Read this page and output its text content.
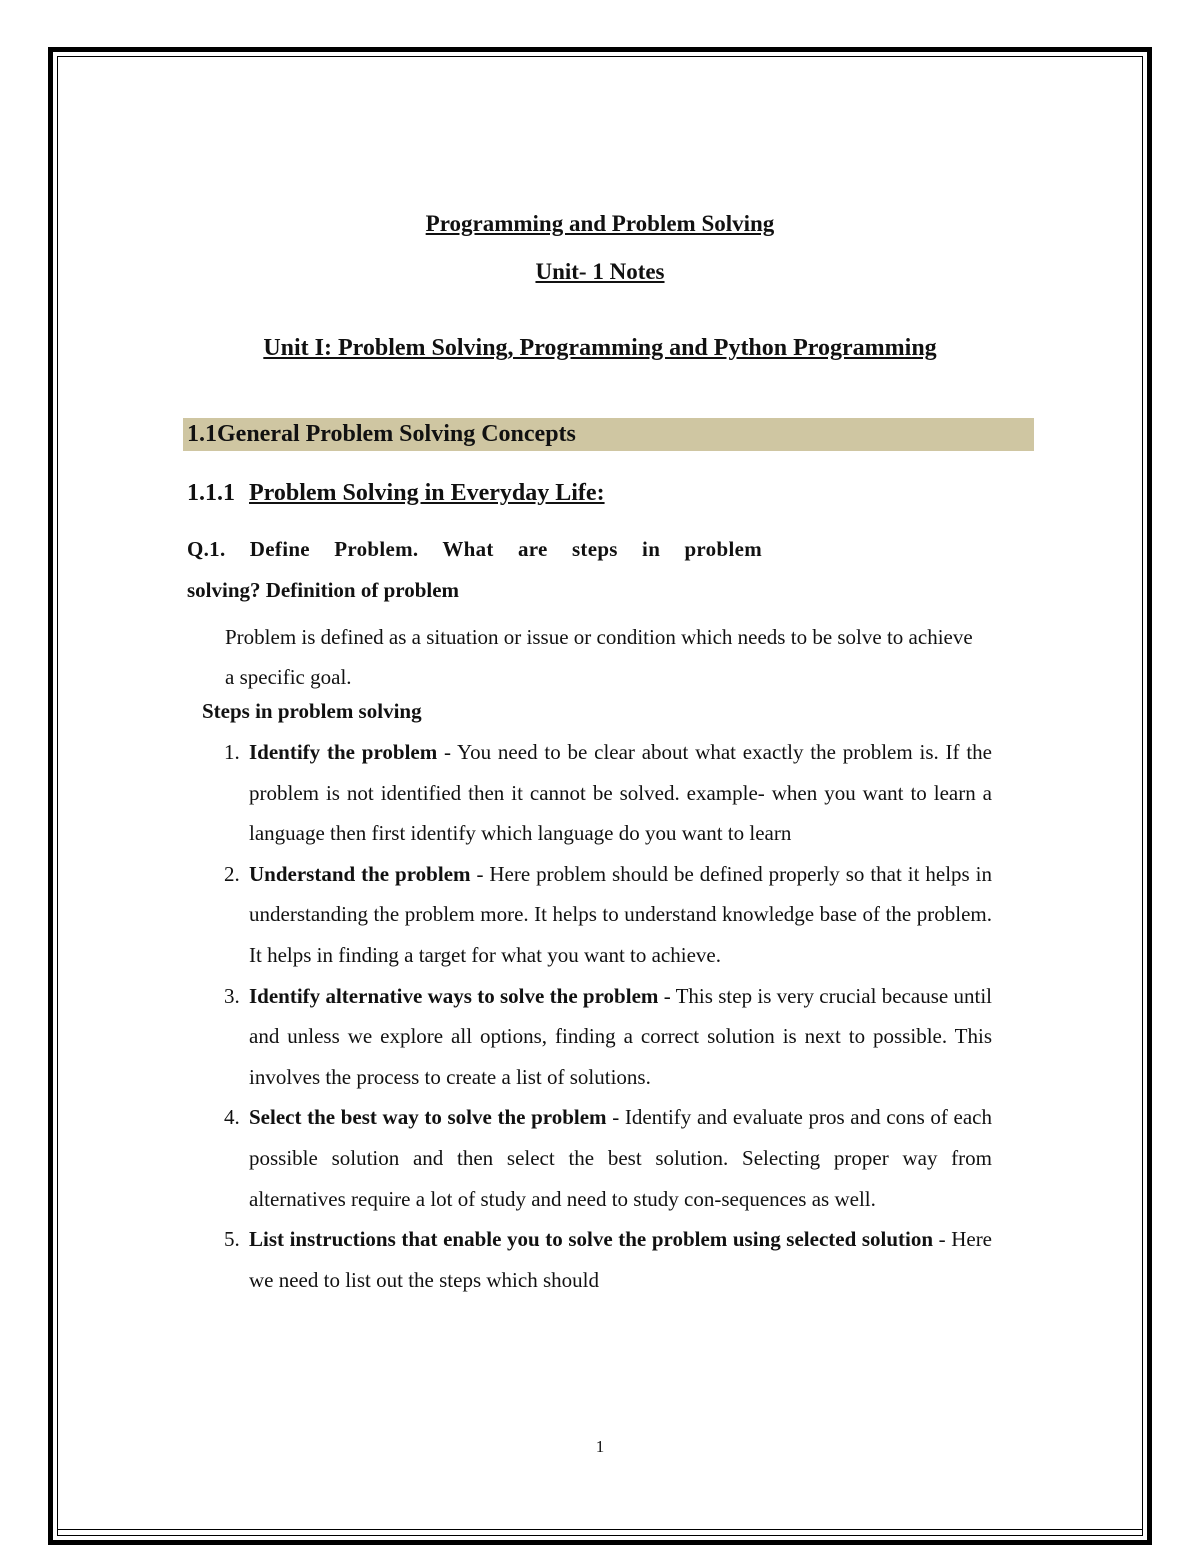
Programming and Problem Solving
Unit- 1 Notes
Unit I: Problem Solving, Programming and Python Programming
1.1General Problem Solving Concepts
1.1.1 Problem Solving in Everyday Life:
Q.1. Define Problem. What are steps in problem
solving? Definition of problem
Problem is defined as a situation or issue or condition which needs to be solve to achieve a specific goal.
Steps in problem solving
1. Identify the problem - You need to be clear about what exactly the problem is. If the problem is not identified then it cannot be solved. example- when you want to learn a language then first identify which language do you want to learn
2. Understand the problem - Here problem should be defined properly so that it helps in understanding the problem more. It helps to understand knowledge base of the problem. It helps in finding a target for what you want to achieve.
3. Identify alternative ways to solve the problem - This step is very crucial because until and unless we explore all options, finding a correct solution is next to possible. This involves the process to create a list of solutions.
4. Select the best way to solve the problem - Identify and evaluate pros and cons of each possible solution and then select the best solution. Selecting proper way from alternatives require a lot of study and need to study con-sequences as well.
5. List instructions that enable you to solve the problem using selected solution - Here we need to list out the steps which should
1
